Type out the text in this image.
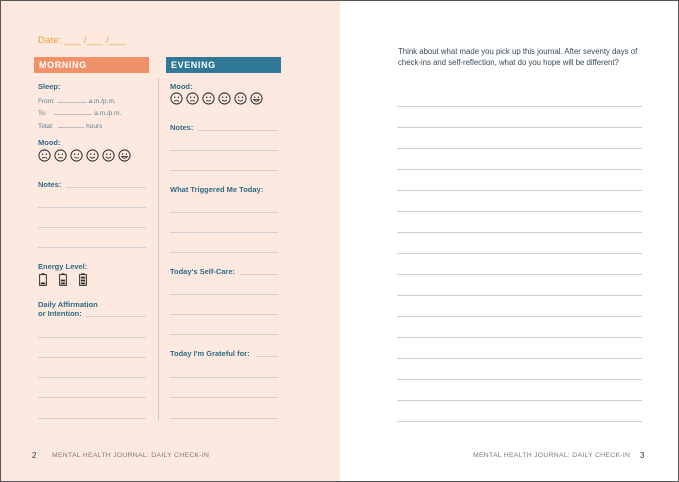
Date: ___ /___ /___
MORNING	EVENING
Sleep:
From:	a.m./p.m.
To:	a.m./p.m.
Total:	hours
Mood:
Notes:
Energy Level:
Daily Affirmation
or Intention:
Mood:
Notes:
What Triggered Me Today:
Today's Self-Care:
Today I'm Grateful for:
2 MENTAL HEALTH JOURNAL: DAILY CHECK-IN
Think about what made you pick up this journal. After seventy days of check-ins and self-reflection, what do you hope will be different?
MENTAL HEALTH JOURNAL: DAILY CHECK-IN 3
